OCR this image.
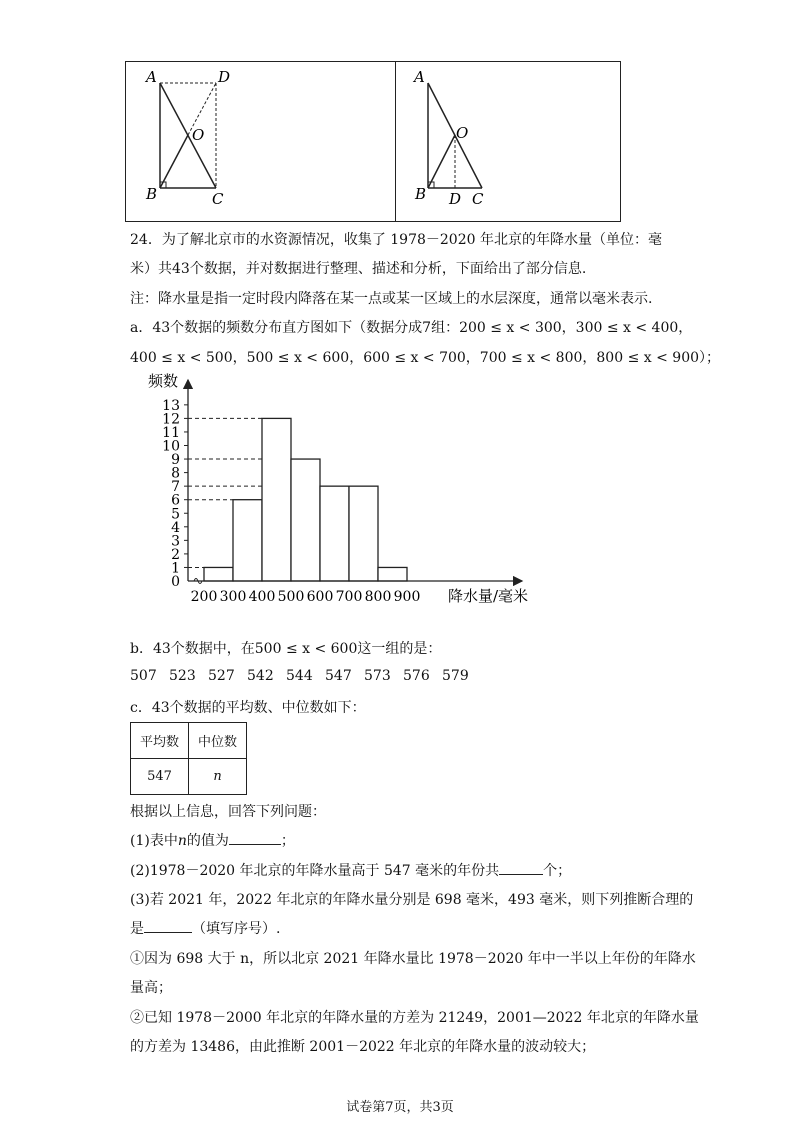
A	D
O
B	C
A
O
B D C
24．为了解北京市的水资源情况，收集了 1978－2020 年北京的年降水量（单位：毫
米）共43个数据，并对数据进行整理、描述和分析，下面给出了部分信息.
注：降水量是指一定时段内降落在某一点或某一区域上的水层深度，通常以毫米表示.
a．43个数据的频数分布直方图如下（数据分成7组：200 ≤ x < 300，300 ≤ x < 400，
400 ≤ x < 500，500 ≤ x < 600，600 ≤ x < 700，700 ≤ x < 800，800 ≤ x < 900）；
0
1
2
3
4
5
6
7
8
9
10
11
12
13
200 300 400 500 600 700 800 900
频数
降水量/毫米
b．43个数据中，在500 ≤ x < 600这一组的是：
507 523 527 542 544 547 573 576 579
c．43个数据的平均数、中位数如下：
平均数	中位数
547	n
根据以上信息，回答下列问题：
(1)表中n的值为	；
(2)1978－2020 年北京的年降水量高于 547 毫米的年份共	个；
(3)若 2021 年，2022 年北京的年降水量分别是 698 毫米，493 毫米，则下列推断合理的
是	（填写序号）.
①因为 698 大于 n，所以北京 2021 年降水量比 1978－2020 年中一半以上年份的年降水
量高；
②已知 1978－2000 年北京的年降水量的方差为 21249，2001—2022 年北京的年降水量
的方差为 13486，由此推断 2001－2022 年北京的年降水量的波动较大；
试卷第7页，共3页
